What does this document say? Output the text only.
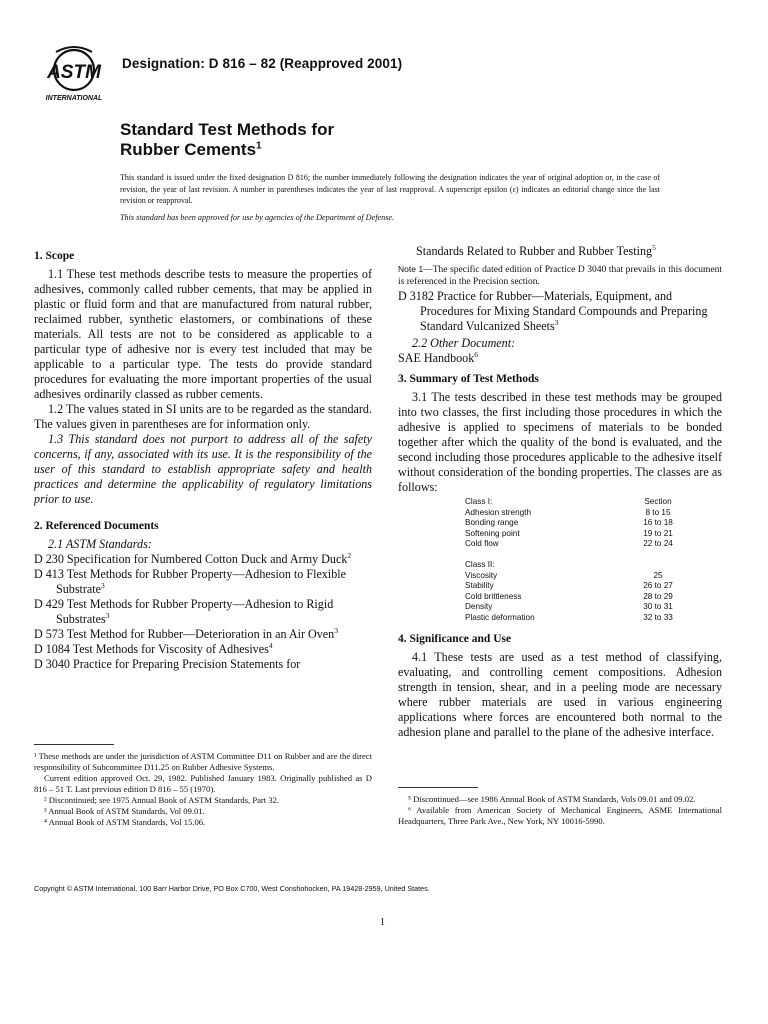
ASTM
INTERNATIONAL
Designation: D 816 – 82 (Reapproved 2001)
Standard Test Methods for
Rubber Cements$^1$
This standard is issued under the fixed designation D 816; the number immediately following the designation indicates the year of original adoption or, in the case of revision, the year of last revision. A number in parentheses indicates the year of last reapproval. A superscript epsilon (ε) indicates an editorial change since the last revision or reapproval.
This standard has been approved for use by agencies of the Department of Defense.

1. Scope

1.1 These test methods describe tests to measure the properties of adhesives, commonly called rubber cements, that may be applied in plastic or fluid form and that are manufactured from natural rubber, reclaimed rubber, synthetic elastomers, or combinations of these materials. All tests are not to be considered as applicable to a particular type of adhesive nor is every test included that may be applicable to a particular type. The tests do provide standard procedures for evaluating the more important properties of the usual adhesives ordinarily classed as rubber cements.

1.2 The values stated in SI units are to be regarded as the standard. The values given in parentheses are for information only.

1.3 This standard does not purport to address all of the safety concerns, if any, associated with its use. It is the responsibility of the user of this standard to establish appropriate safety and health practices and determine the applicability of regulatory limitations prior to use.

2. Referenced Documents

2.1 ASTM Standards:

D 230 Specification for Numbered Cotton Duck and Army Duck$^2$
D 413 Test Methods for Rubber Property—Adhesion to Flexible Substrate$^3$
D 429 Test Methods for Rubber Property—Adhesion to Rigid Substrates$^3$
D 573 Test Method for Rubber—Deterioration in an Air Oven$^3$
D 1084 Test Methods for Viscosity of Adhesives$^4$
D 3040 Practice for Preparing Precision Statements for

Standards Related to Rubber and Rubber Testing$^5$

Note 1—The specific dated edition of Practice D 3040 that prevails in this document is referenced in the Precision section.

D 3182 Practice for Rubber—Materials, Equipment, and Procedures for Mixing Standard Compounds and Preparing Standard Vulcanized Sheets$^3$

2.2 Other Document:

SAE Handbook$^6$

3. Summary of Test Methods

3.1 The tests described in these test methods may be grouped into two classes, the first including those procedures in which the adhesive is applied to specimens of materials to be bonded together after which the quality of the bond is evaluated, and the second including those procedures applicable to the adhesive itself without consideration of the bonding properties. The classes are as follows:

Class I:	Section
Adhesion strength	8 to 15
Bonding range	16 to 18
Softening point	19 to 21
Cold flow	22 to 24
Class II:
Viscosity	25
Stability	26 to 27
Cold brittleness	28 to 29
Density	30 to 31
Plastic deformation	32 to 33

4. Significance and Use

4.1 These tests are used as a test method of classifying, evaluating, and controlling cement compositions. Adhesion strength in tension, shear, and in a peeling mode are necessary where rubber materials are used in various engineering applications where forces are encountered both normal to the adhesion plane and parallel to the plane of the adhesive interface.

¹ These methods are under the jurisdiction of ASTM Committee D11 on Rubber and are the direct responsibility of Subcommittee D11.25 on Rubber Adhesive Systems.

Current edition approved Oct. 29, 1982. Published January 1983. Originally published as D 816 – 51 T. Last previous edition D 816 – 55 (1970).

² Discontinued; see 1975 Annual Book of ASTM Standards, Part 32.

³ Annual Book of ASTM Standards, Vol 09.01.

⁴ Annual Book of ASTM Standards, Vol 15.06.

⁵ Discontinued—see 1986 Annual Book of ASTM Standards, Vols 09.01 and 09.02.

⁶ Available from American Society of Mechanical Engineers, ASME International Headquarters, Three Park Ave., New York, NY 10016-5990.

Copyright © ASTM International, 100 Barr Harbor Drive, PO Box C700, West Conshohocken, PA 19428-2959, United States.
1
